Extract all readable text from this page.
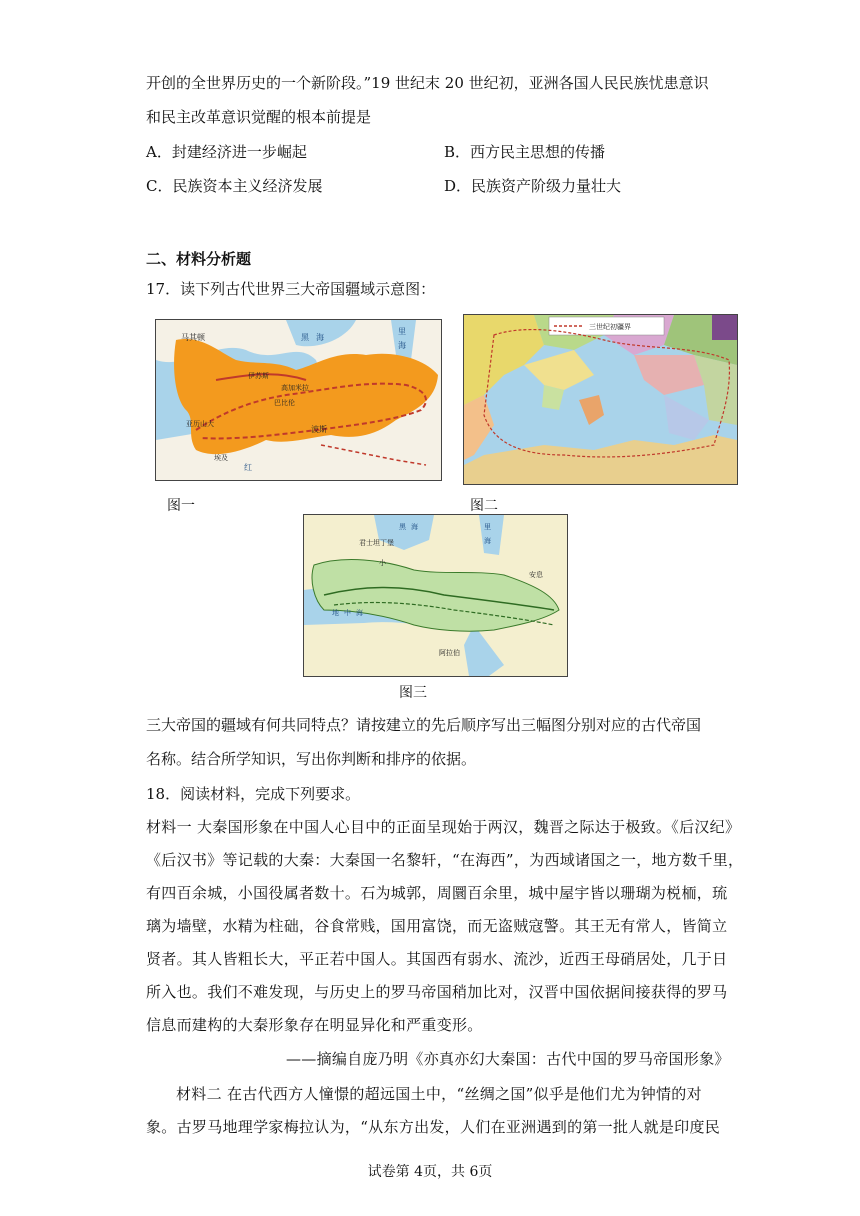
开创的全世界历史的一个新阶段。”19 世纪末 20 世纪初，亚洲各国人民民族忧患意识
和民主改革意识觉醒的根本前提是
A．封建经济进一步崛起	B．西方民主思想的传播
C．民族资本主义经济发展	D．民族资产阶级力量壮大
二、材料分析题
17．读下列古代世界三大帝国疆域示意图：
马其顿	黑 海
里
海
伊苏斯
亚历山大
埃及
高加米拉
巴比伦
波斯
红
图一
三世纪初疆界
图二
君士坦丁堡
黑 海	里
海
小
地 中 海
阿拉伯
安息
图三
三大帝国的疆域有何共同特点？请按建立的先后顺序写出三幅图分别对应的古代帝国
名称。结合所学知识，写出你判断和排序的依据。
18．阅读材料，完成下列要求。
材料一 大秦国形象在中国人心目中的正面呈现始于两汉，魏晋之际达于极致。《后汉纪》
《后汉书》等记载的大秦：大秦国一名黎轩，“在海西”，为西域诸国之一，地方数千里，
有四百余城，小国役属者数十。石为城郭，周圜百余里，城中屋宇皆以珊瑚为棁栭，琉
璃为墙壁，水精为柱础，谷食常贱，国用富饶，而无盗贼寇警。其王无有常人，皆简立
贤者。其人皆粗长大，平正若中国人。其国西有弱水、流沙，近西王母硝居处，几于日
所入也。我们不难发现，与历史上的罗马帝国稍加比对，汉晋中国依据间接获得的罗马
信息而建构的大秦形象存在明显异化和严重变形。
——摘编自庞乃明《亦真亦幻大秦国：古代中国的罗马帝国形象》
材料二 在古代西方人憧憬的超远国土中，“丝绸之国”似乎是他们尤为钟情的对
象。古罗马地理学家梅拉认为，“从东方出发，人们在亚洲遇到的第一批人就是印度民
试卷第 4页，共 6页
